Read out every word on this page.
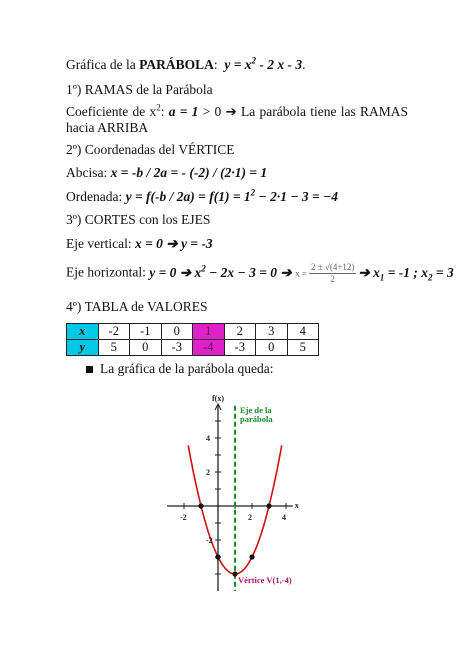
Gráfica de la PARÁBOLA: $y = x^2 - 2$ x - 3.
1º) RAMAS de la Parábola
Coeficiente de $x^2$: a = 1 > 0 ➔ La parábola tiene las RAMAS hacia ARRIBA
2º) Coordenadas del VÉRTICE
Abcisa: x = -b / 2a = - (-2) / (2·1) = 1
Ordenada: $y = f(-b / 2a) = f(1) = 1^2 - 2\cdot 1 - 3 = -4$
3º) CORTES con los EJES
Eje vertical: x = 0 ➔ y = -3
Eje horizontal: y = 0 ➔ $x^2 - 2x - 3 = 0$ ➔ $x = \frac{2 \pm √(4+12)}{2}$ ➔ $x_1 = -1$ ; $x_2 = 3$
4º) TABLA de VALORES
x	-2	-1	0	1	2	3	4
y	5	0	-3	-4	-3	0	5
La gráfica de la parábola queda:
f(x)
x
-2	2	4
4
2
-2
Eje de la
parábola
Vértice V(1,-4)
